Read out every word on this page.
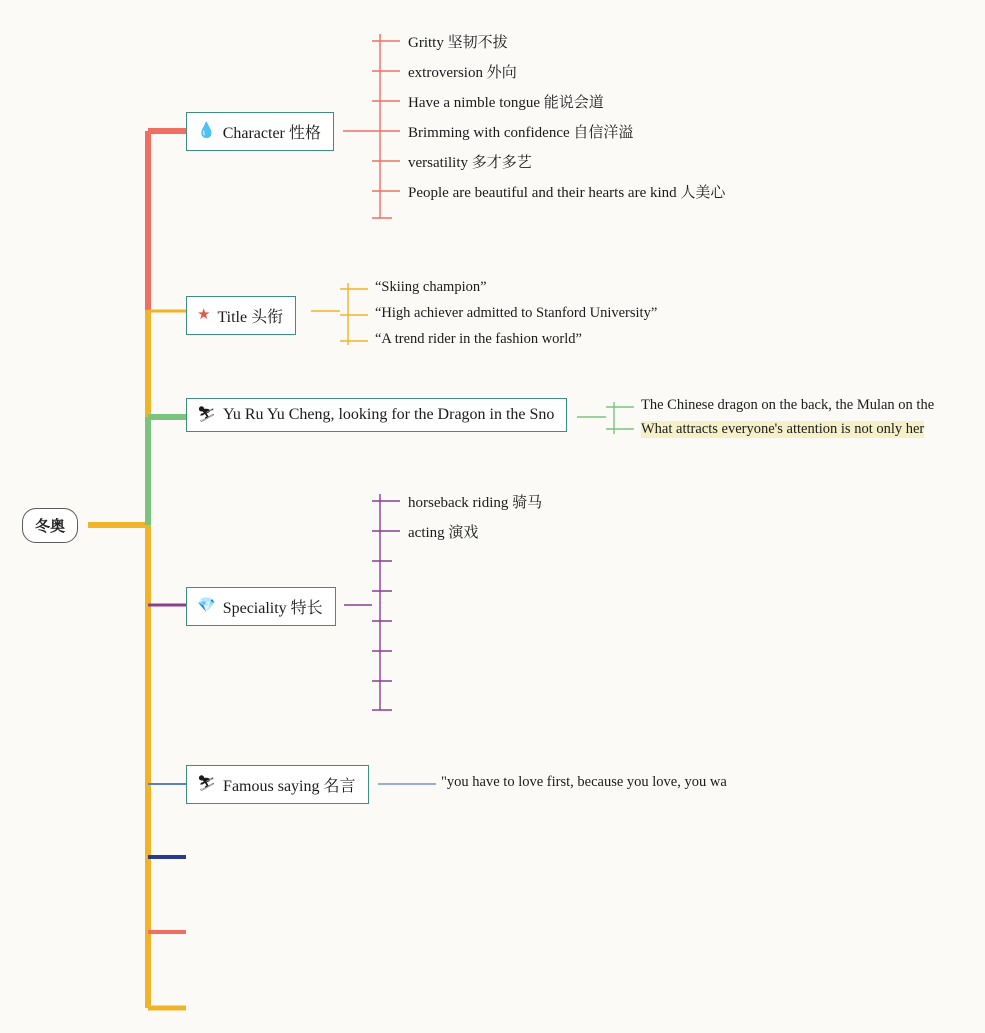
冬奥
💧 Character 性格
Gritty 坚韧不拔
extroversion 外向
Have a nimble tongue 能说会道
Brimming with confidence 自信洋溢
versatility 多才多艺
People are beautiful and their hearts are kind 人美心
★ Title 头衔
“Skiing champion”
“High achiever admitted to Stanford University”
“A trend rider in the fashion world”
⛷ Yu Ru Yu Cheng, looking for the Dragon in the Sno
The Chinese dragon on the back, the Mulan on the
What attracts everyone's attention is not only her
💎 Speciality 特长
horseback riding 骑马
acting 演戏
⛷ Famous saying 名言	"you have to love first, because you love, you wa
